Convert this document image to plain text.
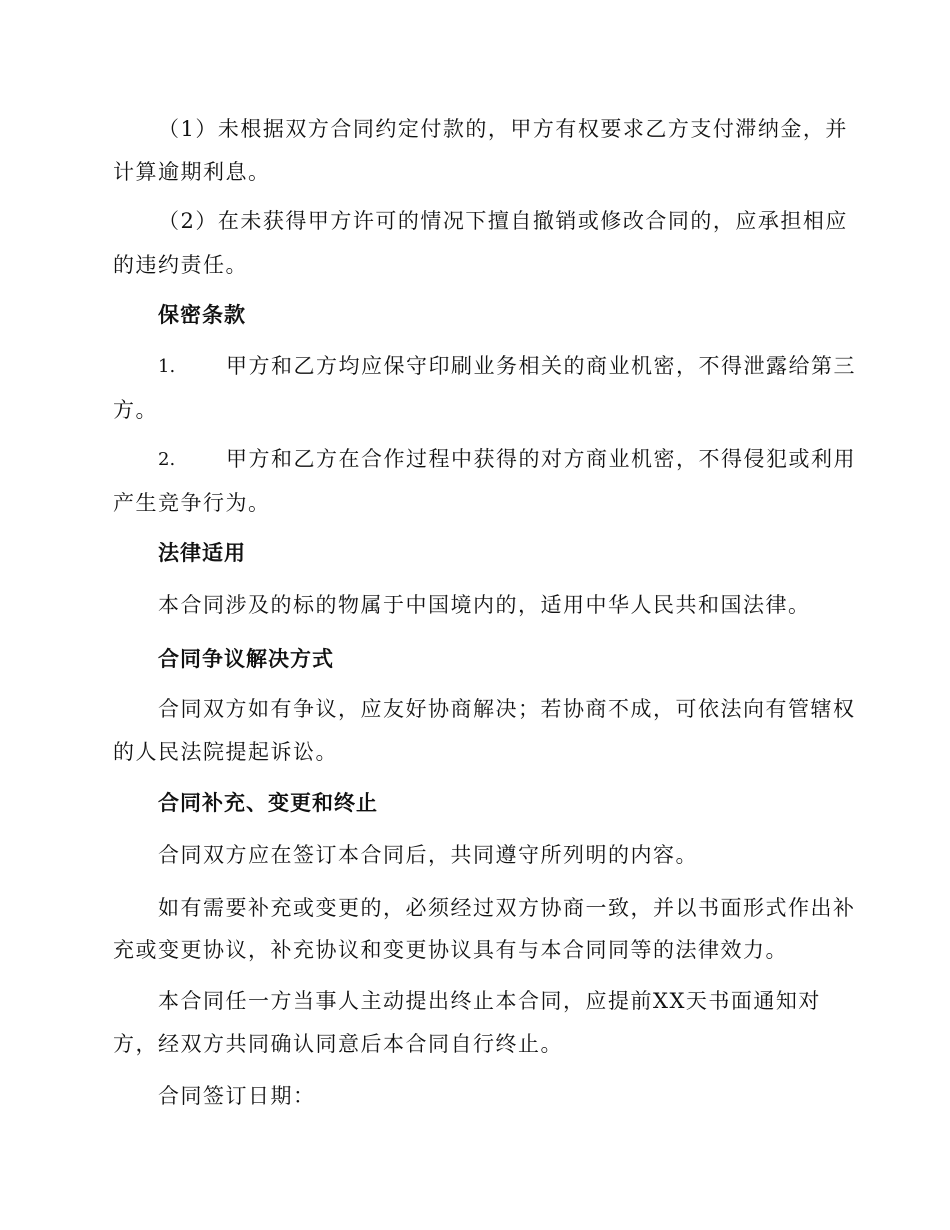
（1）未根据双方合同约定付款的，甲方有权要求乙方支付滞纳金，并
计算逾期利息。
（2）在未获得甲方许可的情况下擅自撤销或修改合同的，应承担相应
的违约责任。
保密条款
1. 甲方和乙方均应保守印刷业务相关的商业机密，不得泄露给第三
方。
2. 甲方和乙方在合作过程中获得的对方商业机密，不得侵犯或利用
产生竞争行为。
法律适用
本合同涉及的标的物属于中国境内的，适用中华人民共和国法律。
合同争议解决方式
合同双方如有争议，应友好协商解决；若协商不成，可依法向有管辖权
的人民法院提起诉讼。
合同补充、变更和终止
合同双方应在签订本合同后，共同遵守所列明的内容。
如有需要补充或变更的，必须经过双方协商一致，并以书面形式作出补
充或变更协议，补充协议和变更协议具有与本合同同等的法律效力。
本合同任一方当事人主动提出终止本合同，应提前XX天书面通知对
方，经双方共同确认同意后本合同自行终止。
合同签订日期：
